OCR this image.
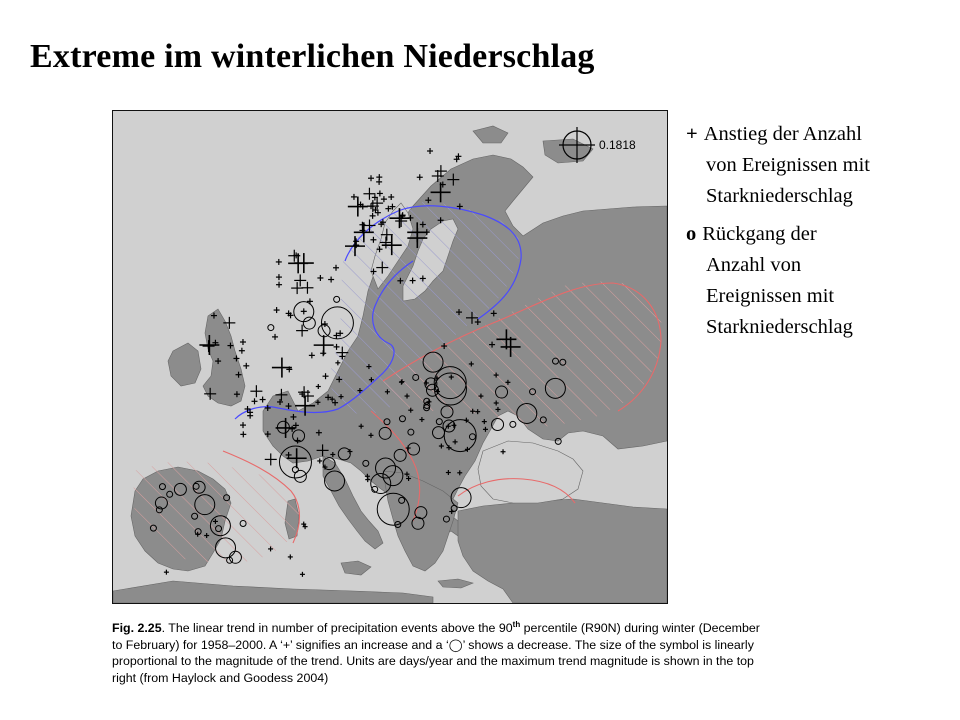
Extreme im winterlichen Niederschlag
0.1818 + Anstieg der Anzahl
von Ereignissen mit
Starkniederschlag
o Rückgang der
Anzahl von
Ereignissen mit
Starkniederschlag
Fig. 2.25. The linear trend in number of precipitation events above the 90th percentile (R90N) during winter (December to February) for 1958–2000. A ‘+’ signifies an increase and a ‘◯’ shows a decrease. The size of the symbol is linearly proportional to the magnitude of the trend. Units are days/year and the maximum trend magnitude is shown in the top right (from Haylock and Goodess 2004)
